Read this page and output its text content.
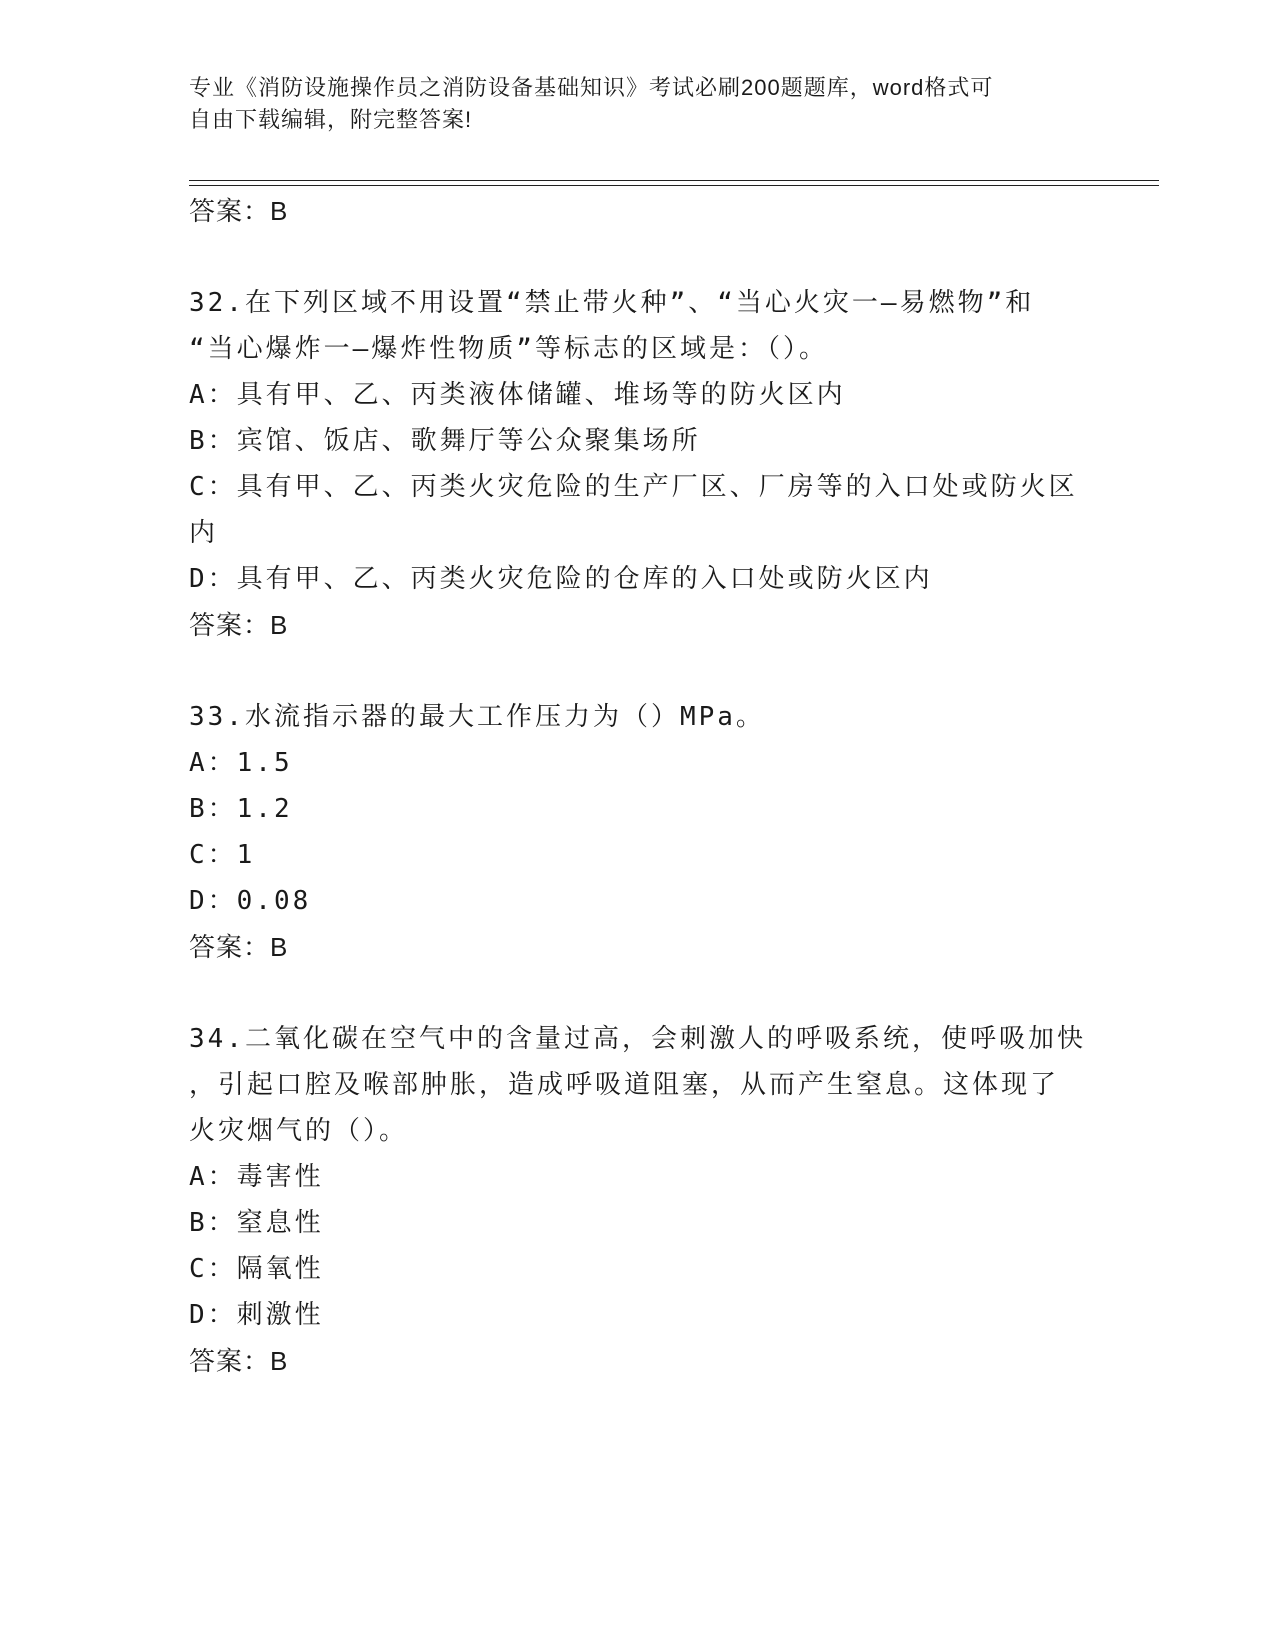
专业《消防设施操作员之消防设备基础知识》考试必刷200题题库，word格式可
自由下载编辑，附完整答案!
答案：B
32.在下列区域不用设置“禁止带火种”、“当心火灾一—易燃物”和
“当心爆炸一—爆炸性物质”等标志的区域是：（）。
A：具有甲、乙、丙类液体储罐、堆场等的防火区内
B：宾馆、饭店、歌舞厅等公众聚集场所
C：具有甲、乙、丙类火灾危险的生产厂区、厂房等的入口处或防火区
内
D：具有甲、乙、丙类火灾危险的仓库的入口处或防火区内
答案：B
33.水流指示器的最大工作压力为（）MPa。
A：1.5
B：1.2
C：1
D：0.08
答案：B
34.二氧化碳在空气中的含量过高，会刺激人的呼吸系统，使呼吸加快
，引起口腔及喉部肿胀，造成呼吸道阻塞，从而产生窒息。这体现了
火灾烟气的（）。
A：毒害性
B：窒息性
C：隔氧性
D：刺激性
答案：B
